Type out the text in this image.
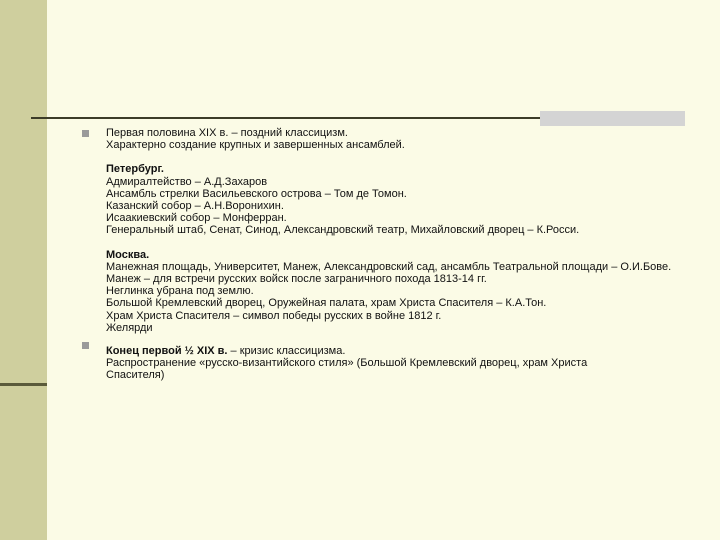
Первая половина XIX в. – поздний классицизм.
Характерно создание крупных и завершенных ансамблей.
Петербург.
Адмиралтейство – А.Д.Захаров
Ансамбль стрелки Васильевского острова – Том де Томон.
Казанский собор – А.Н.Воронихин.
Исаакиевский собор – Монферран.
Генеральный штаб, Сенат, Синод, Александровский театр, Михайловский дворец – К.Росси.
Москва.
Манежная площадь, Университет, Манеж, Александровский сад, ансамбль Театральной площади – О.И.Бове.
Манеж – для встречи русских войск после заграничного похода 1813-14 гг.
Неглинка убрана под землю.
Большой Кремлевский дворец, Оружейная палата, храм Христа Спасителя – К.А.Тон.
Храм Христа Спасителя – символ победы русских в войне 1812 г.
Желярди
Конец первой ½ XIX в. – кризис классицизма.
Распространение «русско-византийского стиля» (Большой Кремлевский дворец, храм Христа Спасителя)
